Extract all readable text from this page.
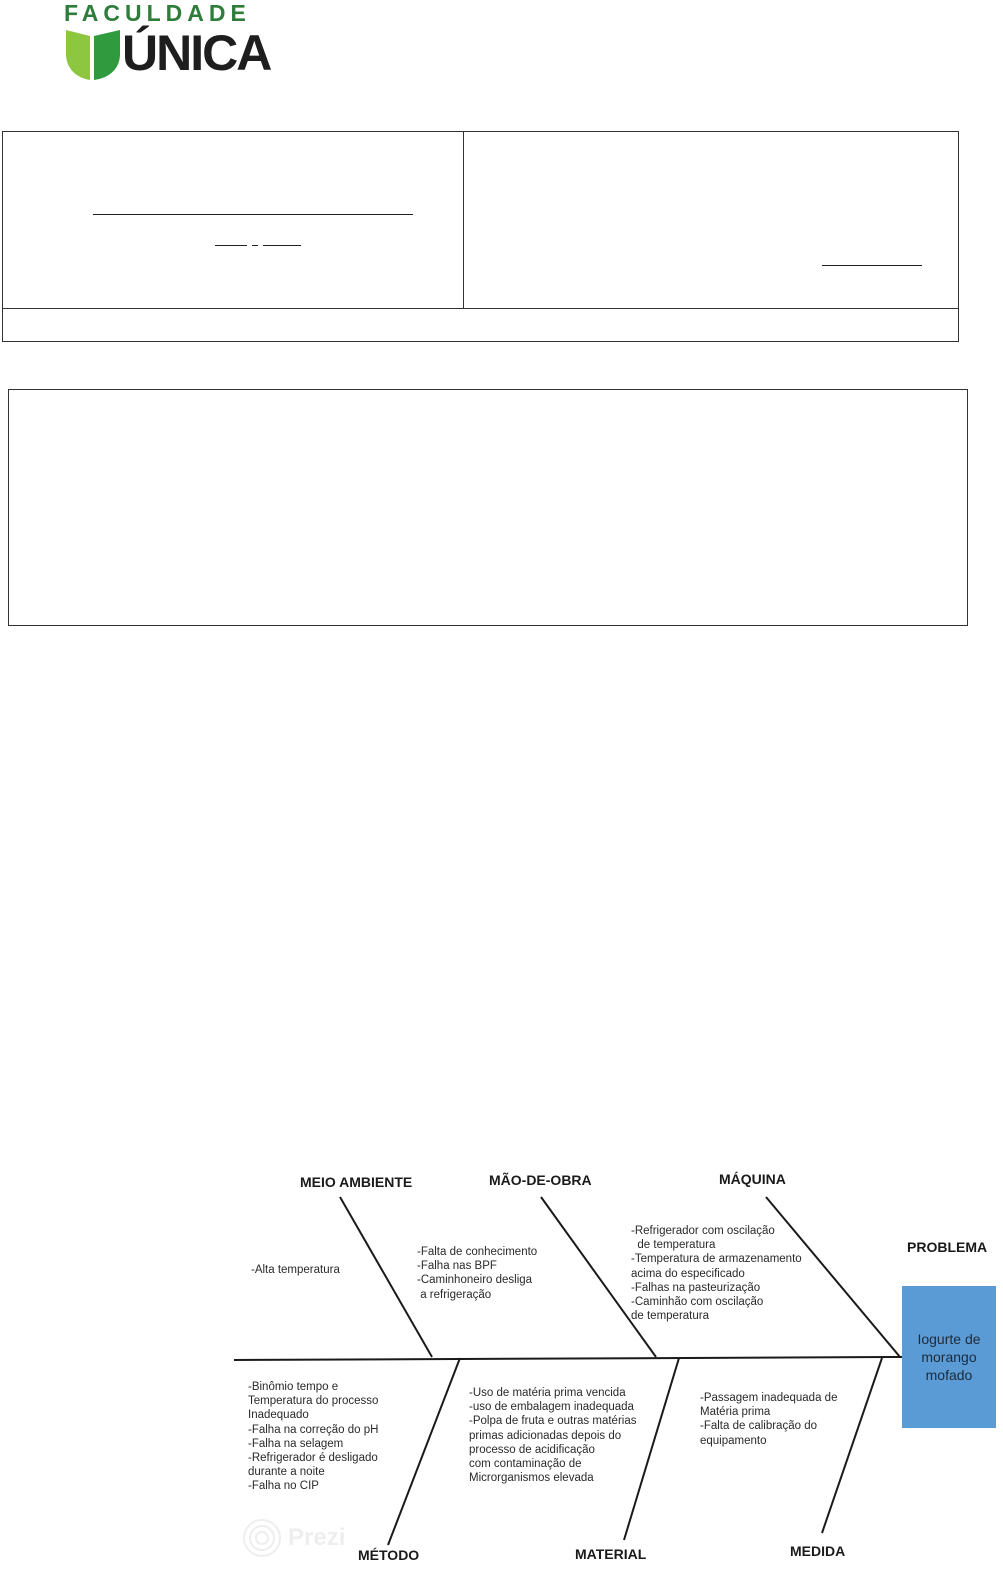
FACULDADE
ÚNICA
MEIO AMBIENTE	MÃO-DE-OBRA	MÁQUINA
PROBLEMA
MÉTODO	MATERIAL	MEDIDA
-Alta temperatura
-Falta de conhecimento
-Falha nas BPF
-Caminhoneiro desliga
a refrigeração
-Refrigerador com oscilação
de temperatura
-Temperatura de armazenamento
acima do especificado
-Falhas na pasteurização
-Caminhão com oscilação
de temperatura
-Binômio tempo e
Temperatura do processo
Inadequado
-Falha na correção do pH
-Falha na selagem
-Refrigerador é desligado
durante a noite
-Falha no CIP
-Uso de matéria prima vencida
-uso de embalagem inadequada
-Polpa de fruta e outras matérias
primas adicionadas depois do
processo de acidificação
com contaminação de
Microrganismos elevada
-Passagem inadequada de
Matéria prima
-Falta de calibração do
equipamento
Iogurte de
morango
mofado
Prezi
